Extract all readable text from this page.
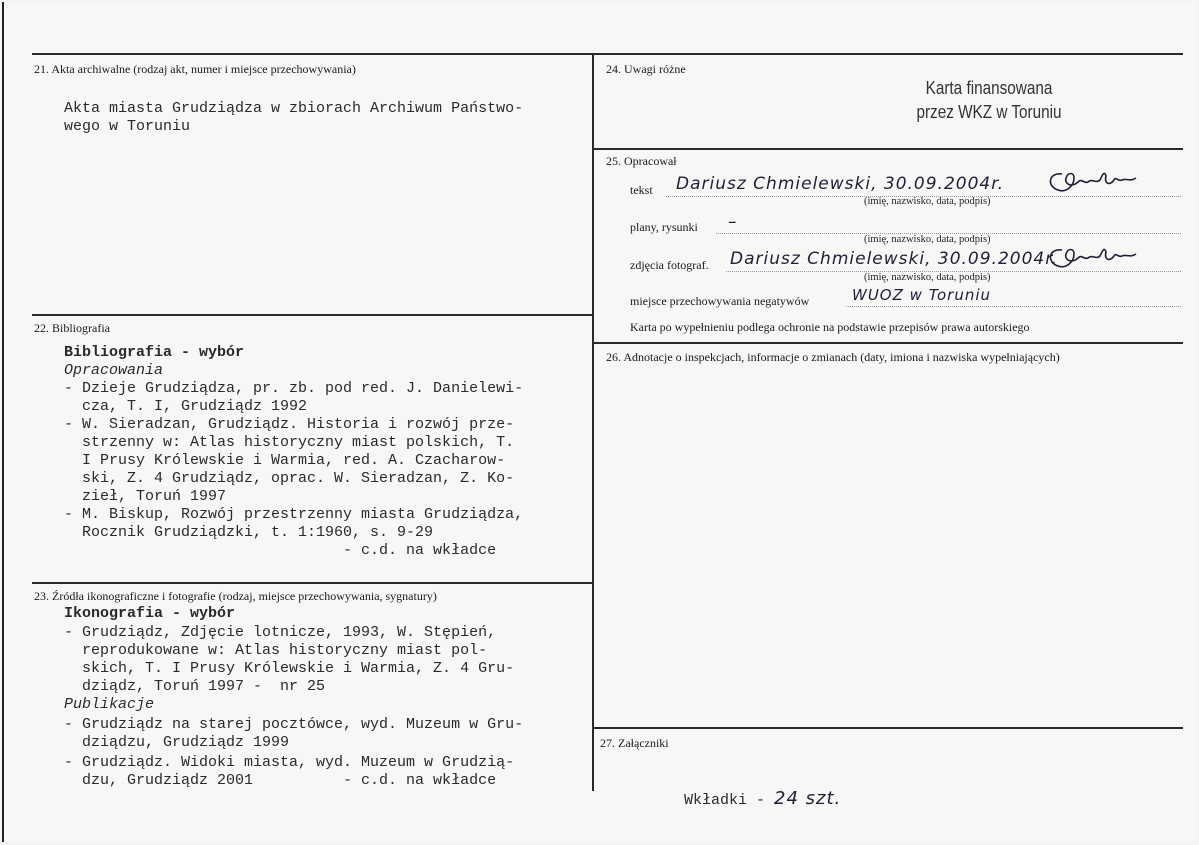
21. Akta archiwalne (rodzaj akt, numer i miejsce przechowywania)
Akta miasta Grudziądza w zbiorach Archiwum Państwo-
wego w Toruniu
22. Bibliografia
Bibliografia - wybór
Opracowania
- Dzieje Grudziądza, pr. zb. pod red. J. Danielewi-
cza, T. I, Grudziądz 1992
- W. Sieradzan, Grudziądz. Historia i rozwój prze-
strzenny w: Atlas historyczny miast polskich, T.
I Prusy Królewskie i Warmia, red. A. Czacharow-
ski, Z. 4 Grudziądz, oprac. W. Sieradzan, Z. Ko-
zieł, Toruń 1997
- M. Biskup, Rozwój przestrzenny miasta Grudziądza,
Rocznik Grudziądzki, t. 1:1960, s. 9-29
- c.d. na wkładce
23. Źródła ikonograficzne i fotografie (rodzaj, miejsce przechowywania, sygnatury)
Ikonografia - wybór
- Grudziądz, Zdjęcie lotnicze, 1993, W. Stępień,
reprodukowane w: Atlas historyczny miast pol-
skich, T. I Prusy Królewskie i Warmia, Z. 4 Gru-
dziądz, Toruń 1997 -  nr 25
Publikacje
- Grudziądz na starej pocztówce, wyd. Muzeum w Gru-
dziądzu, Grudziądz 1999
- Grudziądz. Widoki miasta, wyd. Muzeum w Grudzią-
dzu, Grudziądz 2001          - c.d. na wkładce
24. Uwagi różne
Karta finansowana
przez WKZ w Toruniu
25. Opracował
tekst Dariusz Chmielewski, 30.09.2004r.
(imię, nazwisko, data, podpis)
plany, rysunki –
(imię, nazwisko, data, podpis)
zdjęcia fotograf. Dariusz Chmielewski, 30.09.2004r.
(imię, nazwisko, data, podpis)
miejsce przechowywania negatywów	WUOZ w Toruniu
Karta po wypełnieniu podlega ochronie na podstawie przepisów prawa autorskiego
26. Adnotacje o inspekcjach, informacje o zmianach (daty, imiona i nazwiska wypełniających)
27. Załączniki

Wkładki - 24 szt.
